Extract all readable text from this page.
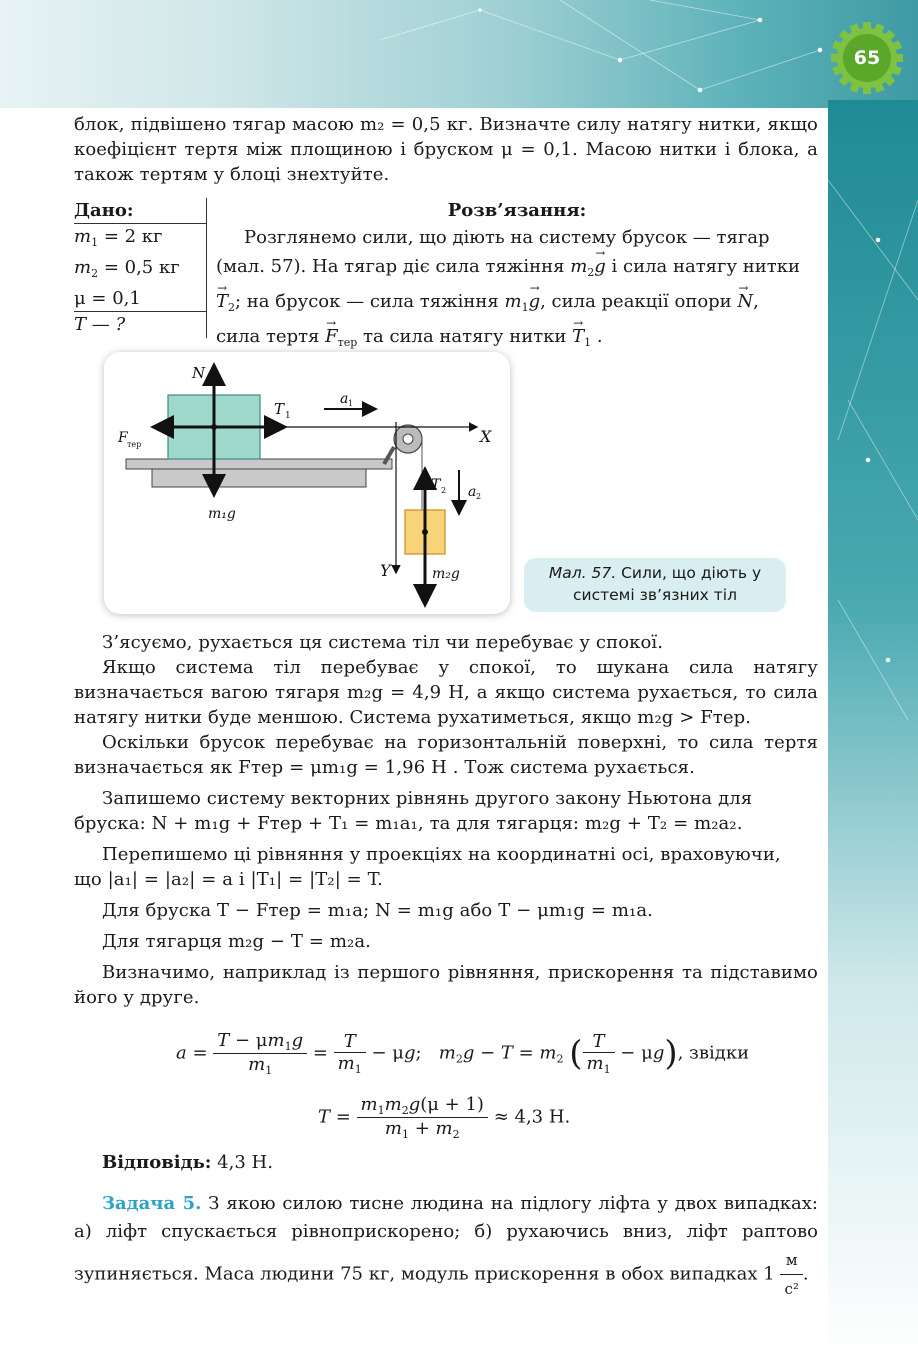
65

блок, підвішено тягар масою m₂ = 0,5 кг. Визначте силу натягу нитки, якщо коефіцієнт тертя між площиною і бруском μ = 0,1. Масою нитки і блока, а також тертям у блоці знехтуйте.

Дано:
$m_1 = 2$ кг
$m_2 = 0,5$ кг
μ = 0,1
T — ?
Розв’язання:
Розглянемо сили, що діють на систему брусок — тягар
(мал. 57). На тягар діє сила тяжіння $m_2\to g$ і сила натягу нитки
→ $T_2$; на брусок — сила тяжіння $m_1\to g$, сила реакції опори → N,
сила тертя → $F_{тер}$ та сила натягу нитки → $T_1$ .
N
T 1
a 1
X
F тер
m₁g
T 2 a 2
Y	m₂g	Мал. 57. Сили, що діють у системі зв’язних тіл

З’ясуємо, рухається ця система тіл чи перебуває у спокої.

Якщо система тіл перебуває у спокої, то шукана сила натягу визначається вагою тягаря m₂g = 4,9 Н, а якщо система рухається, то сила натягу нитки буде меншою. Система рухатиметься, якщо m₂g > Fтер.

Оскільки брусок перебуває на горизонтальній поверхні, то сила тертя визначається як Fтер = μm₁g = 1,96 Н . Тож система рухається.

Запишемо систему векторних рівнянь другого закону Ньютона для

бруска: N + m₁g + Fтер + T₁ = m₁a₁, та для тягарця: m₂g + T₂ = m₂a₂.

Перепишемо ці рівняння у проекціях на координатні осі, враховуючи,

що |a₁| = |a₂| = a і |T₁| = |T₂| = T.

Для бруска T − Fтер = m₁a; N = m₁g або T − μm₁g = m₁a.

Для тягарця m₂g − T = m₂a.

Визначимо, наприклад із першого рівняння, прискорення та підставимо його у друге.

$a = \frac{T - \mu m_1g}{m_1} = \frac{T}{m_1} - \mu g$;   $m_2g - T = m_2$ ( $\frac{T}{m_1} - \mu g$), звідки
$T = \frac{m_1m_2g(\mu + 1)}{m_1 + m_2} \approx 4,3$ Н.
Відповідь: 4,3 Н.
Задача 5. З якою силою тисне людина на підлогу ліфта у двох випадках: а) ліфт спускається рівноприскорено; б) рухаючись вниз, ліфт раптово зупиняється. Маса людини 75 кг, модуль прискорення в обох випадках $1 \frac{м}{\text{с²}}$ .
